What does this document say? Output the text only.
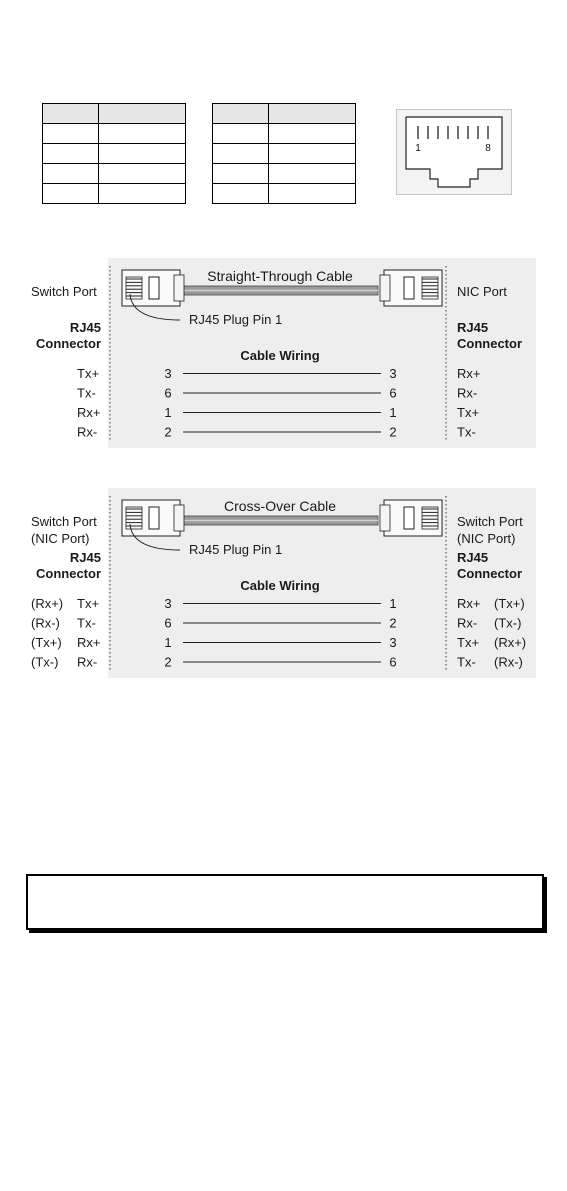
1	8
Straight-Through Cable
RJ45 Plug Pin 1
Switch Port	NIC Port
RJ45
Connector
RJ45
Connector
Cable Wiring
Tx+	3	3	Rx+
Tx-	6	6	Rx-
Rx+	1	1	Tx+
Rx-	2	2	Tx-
Cross-Over Cable
RJ45 Plug Pin 1
Switch Port
(NIC Port)
Switch Port
(NIC Port)
RJ45
Connector
RJ45
Connector
Cable Wiring
(Rx+) Tx+	3	1	Rx+ (Tx+)
(Rx-) Tx-	6	2	Rx- (Tx-)
(Tx+) Rx+	1	3	Tx+ (Rx+)
(Tx-) Rx-	2	6	Tx- (Rx-)
